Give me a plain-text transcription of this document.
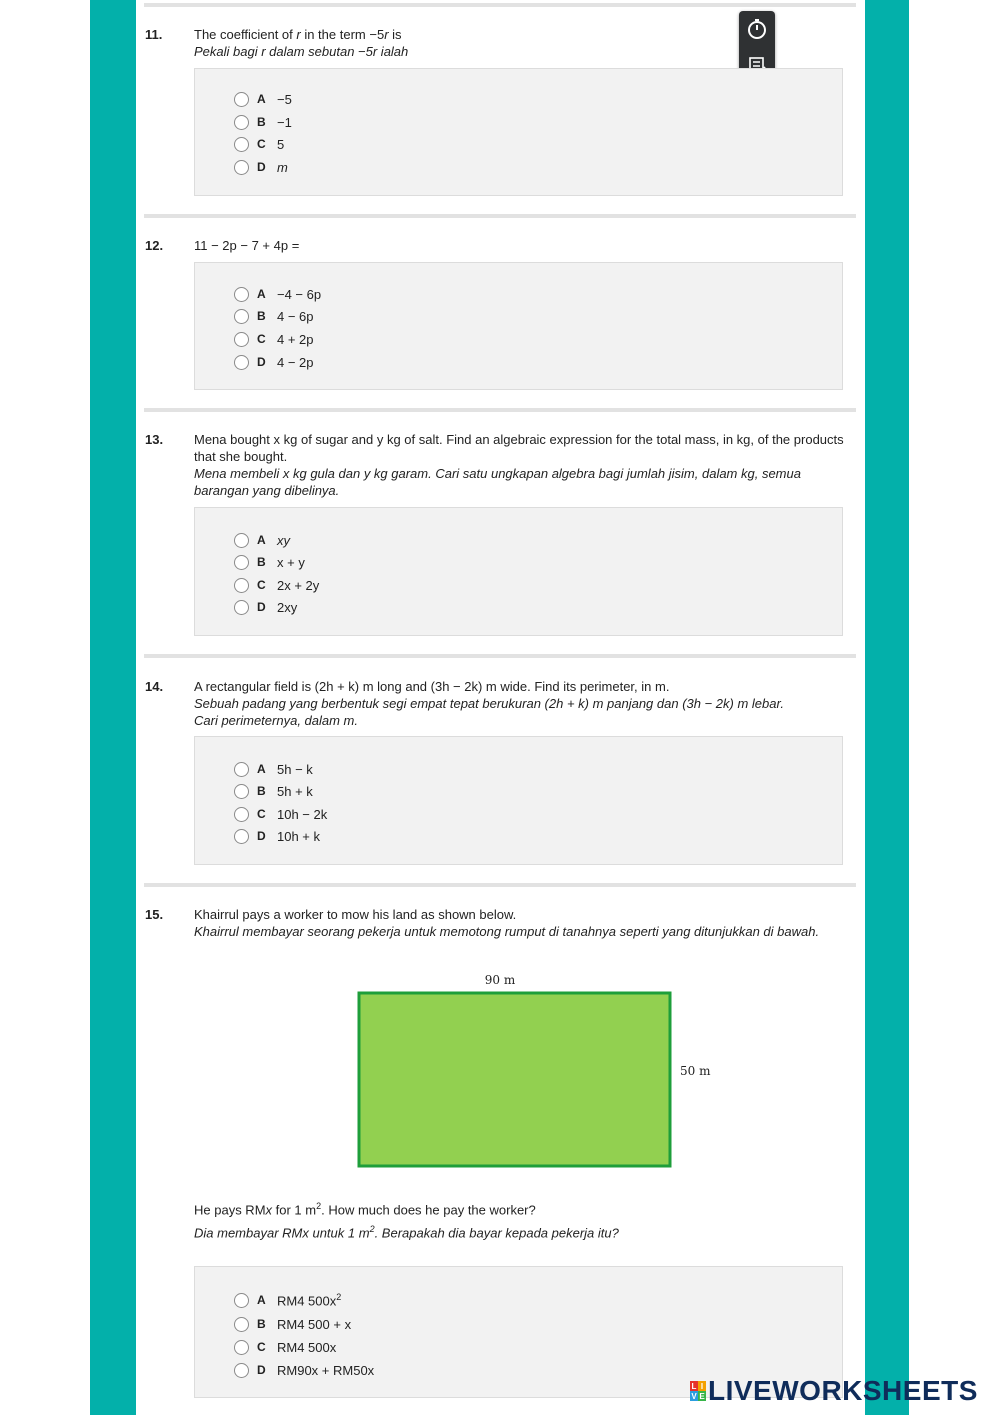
11. The coefficient of r in the term −5r is
Pekali bagi r dalam sebutan −5r ialah
A −5
B −1
C 5
D m
12. 11 − 2p − 7 + 4p =
A −4 − 6p
B 4 − 6p
C 4 + 2p
D 4 − 2p
13. Mena bought x kg of sugar and y kg of salt. Find an algebraic expression for the total mass, in kg, of the products that she bought.
Mena membeli x kg gula dan y kg garam. Cari satu ungkapan algebra bagi jumlah jisim, dalam kg, semua barangan yang dibelinya.
A xy
B x + y
C 2x + 2y
D 2xy
14. A rectangular field is (2h + k) m long and (3h − 2k) m wide. Find its perimeter, in m.
Sebuah padang yang berbentuk segi empat tepat berukuran (2h + k) m panjang dan (3h − 2k) m lebar.
Cari perimeternya, dalam m.
A 5h − k
B 5h + k
C 10h − 2k
D 10h + k
15. Khairrul pays a worker to mow his land as shown below.
Khairrul membayar seorang pekerja untuk memotong rumput di tanahnya seperti yang ditunjukkan di bawah.
90 m
50 m
He pays RMx for 1 $m^2$. How much does he pay the worker?
Dia membayar RMx untuk 1 $m^2$. Berapakah dia bayar kepada pekerja itu?
A RM4 $500x^2$
B RM4 500 + x
C RM4 500x
D RM90x + RM50x
L I
V E LIVEWORKSHEETS
